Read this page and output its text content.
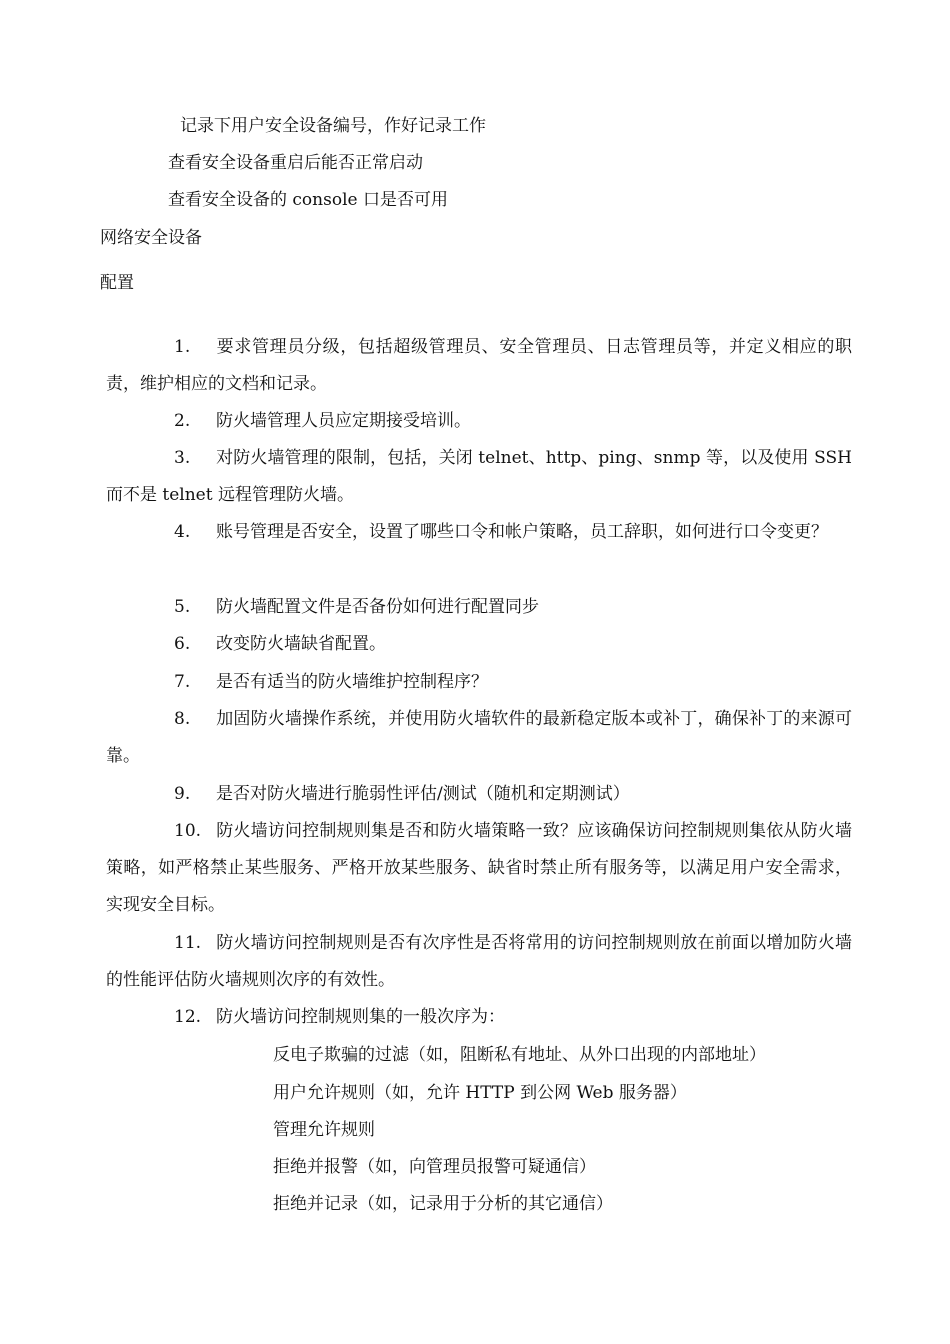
记录下用户安全设备编号，作好记录工作
查看安全设备重启后能否正常启动
查看安全设备的 console 口是否可用
网络安全设备
配置
1. 要求管理员分级，包括超级管理员、安全管理员、日志管理员等，并定义相应的职责，维护相应的文档和记录。
2. 防火墙管理人员应定期接受培训。
3. 对防火墙管理的限制，包括，关闭 telnet、http、ping、snmp 等，以及使用 SSH 而不是 telnet 远程管理防火墙。
4. 账号管理是否安全，设置了哪些口令和帐户策略，员工辞职，如何进行口令变更？
5. 防火墙配置文件是否备份如何进行配置同步
6. 改变防火墙缺省配置。
7. 是否有适当的防火墙维护控制程序？
8. 加固防火墙操作系统，并使用防火墙软件的最新稳定版本或补丁，确保补丁的来源可靠。
9. 是否对防火墙进行脆弱性评估/测试（随机和定期测试）
10. 防火墙访问控制规则集是否和防火墙策略一致？应该确保访问控制规则集依从防火墙策略，如严格禁止某些服务、严格开放某些服务、缺省时禁止所有服务等，以满足用户安全需求，实现安全目标。
11. 防火墙访问控制规则是否有次序性是否将常用的访问控制规则放在前面以增加防火墙的性能评估防火墙规则次序的有效性。
12. 防火墙访问控制规则集的一般次序为：
反电子欺骗的过滤（如，阻断私有地址、从外口出现的内部地址）
用户允许规则（如，允许 HTTP 到公网 Web 服务器）
管理允许规则
拒绝并报警（如，向管理员报警可疑通信）
拒绝并记录（如，记录用于分析的其它通信）
